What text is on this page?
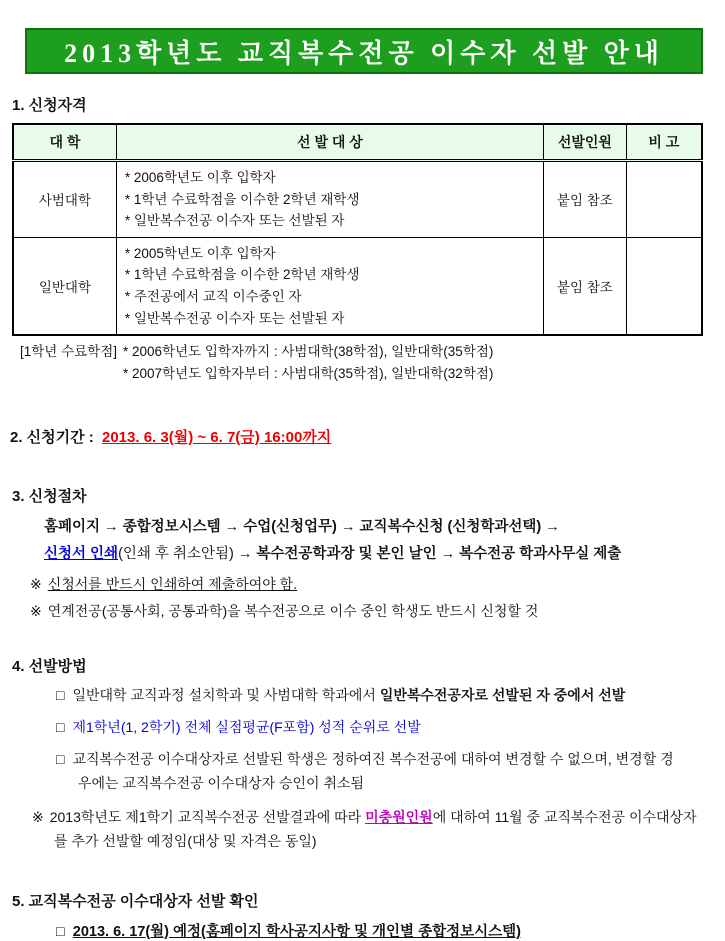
2013학년도 교직복수전공 이수자 선발 안내
1. 신청자격
대 학	선 발 대 상	선발인원	비 고
사범대학	* 2006학년도 이후 입학자
* 1학년 수료학점을 이수한 2학년 재학생
* 일반복수전공 이수자 또는 선발된 자	붙임 참조	
일반대학	* 2005학년도 이후 입학자
* 1학년 수료학점을 이수한 2학년 재학생
* 주전공에서 교직 이수중인 자
* 일반복수전공 이수자 또는 선발된 자	붙임 참조	
[1학년 수료학점] * 2006학년도 입학자까지 : 사범대학(38학점), 일반대학(35학점)
* 2007학년도 입학자부터 : 사범대학(35학점), 일반대학(32학점)
2. 신청기간 : 2013. 6. 3(월) ~ 6. 7(금) 16:00까지
3. 신청절차
홈페이지 → 종합정보시스템 → 수업(신청업무) → 교직복수신청 (신청학과선택) →
신청서 인쇄(인쇄 후 취소안됨) → 복수전공학과장 및 본인 날인 → 복수전공 학과사무실 제출
※ 신청서를 반드시 인쇄하여 제출하여야 함.
※ 연계전공(공통사회, 공통과학)을 복수전공으로 이수 중인 학생도 반드시 신청할 것
4. 선발방법
□ 일반대학 교직과정 설치학과 및 사범대학 학과에서 일반복수전공자로 선발된 자 중에서 선발
□ 제1학년(1, 2학기) 전체 실점평균(F포함) 성적 순위로 선발
□ 교직복수전공 이수대상자로 선발된 학생은 정하여진 복수전공에 대하여 변경할 수 없으며, 변경할 경우에는 교직복수전공 이수대상자 승인이 취소됨
※ 2013학년도 제1학기 교직복수전공 선발결과에 따라 미충원인원에 대하여 11월 중 교직복수전공 이수대상자를 추가 선발할 예정임(대상 및 자격은 동일)
5. 교직복수전공 이수대상자 선발 확인
□ 2013. 6. 17(월) 예정(홈페이지 학사공지사항 및 개인별 종합정보시스템)
